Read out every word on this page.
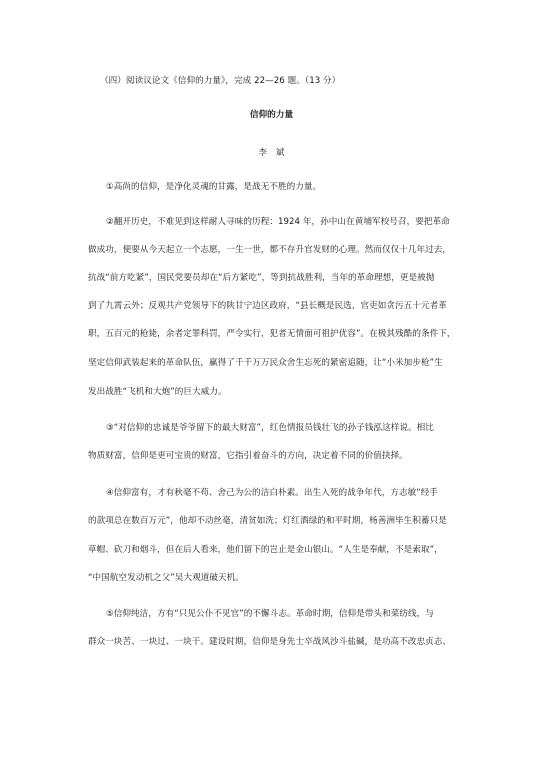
（四）阅读议论文《信仰的力量》，完成 22—26 题。（13 分）
信仰的力量
李　斌
①高尚的信仰，是净化灵魂的甘露，是战无不胜的力量。
②翻开历史，不难见到这样耐人寻味的历程：1924 年，孙中山在黄埔军校号召，要把革命
做成功，便要从今天起立一个志愿，一生一世，都不存升官发财的心理。然而仅仅十几年过去，
抗战“前方吃紧”，国民党要员却在“后方紧吃”，等到抗战胜利，当年的革命理想，更是被抛
到了九霄云外；反观共产党领导下的陕甘宁边区政府，“县长概是民选，官吏如贪污五十元者革
职，五百元的枪毙，余者定罪科罚，严令实行，犯者无情面可祖护优容”。在极其残酷的条件下，
坚定信仰武装起来的革命队伍，赢得了千千万万民众舍生忘死的紧密追随，让“小米加步枪”生
发出战胜“飞机和大炮”的巨大威力。
③“对信仰的忠诚是爷爷留下的最大财富”，红色情报员钱壮飞的孙子钱泓这样说。相比
物质财富，信仰是更可宝贵的财富，它指引着奋斗的方向，决定着不同的价值抉择。
④信仰富有，才有秋毫不苟、舍己为公的洁白朴素。出生入死的战争年代，方志敏“经手
的款项总在数百万元”，他却不动丝毫，清贫如洗；灯红酒绿的和平时期，杨善洲毕生积蓄只是
草帽、砍刀和烟斗，但在后人看来，他们留下的岂止是金山银山。“人生是奉献，不是索取”，
“中国航空发动机之父”吴大观道破天机。
⑤信仰纯洁，方有“只见公仆不见官”的不懈斗志。革命时期，信仰是带头和菜纺线，与
群众一块苦、一块过、一块干。建设时期，信仰是身先士卒战风沙斗盐碱，是功高不改忠贞志、
